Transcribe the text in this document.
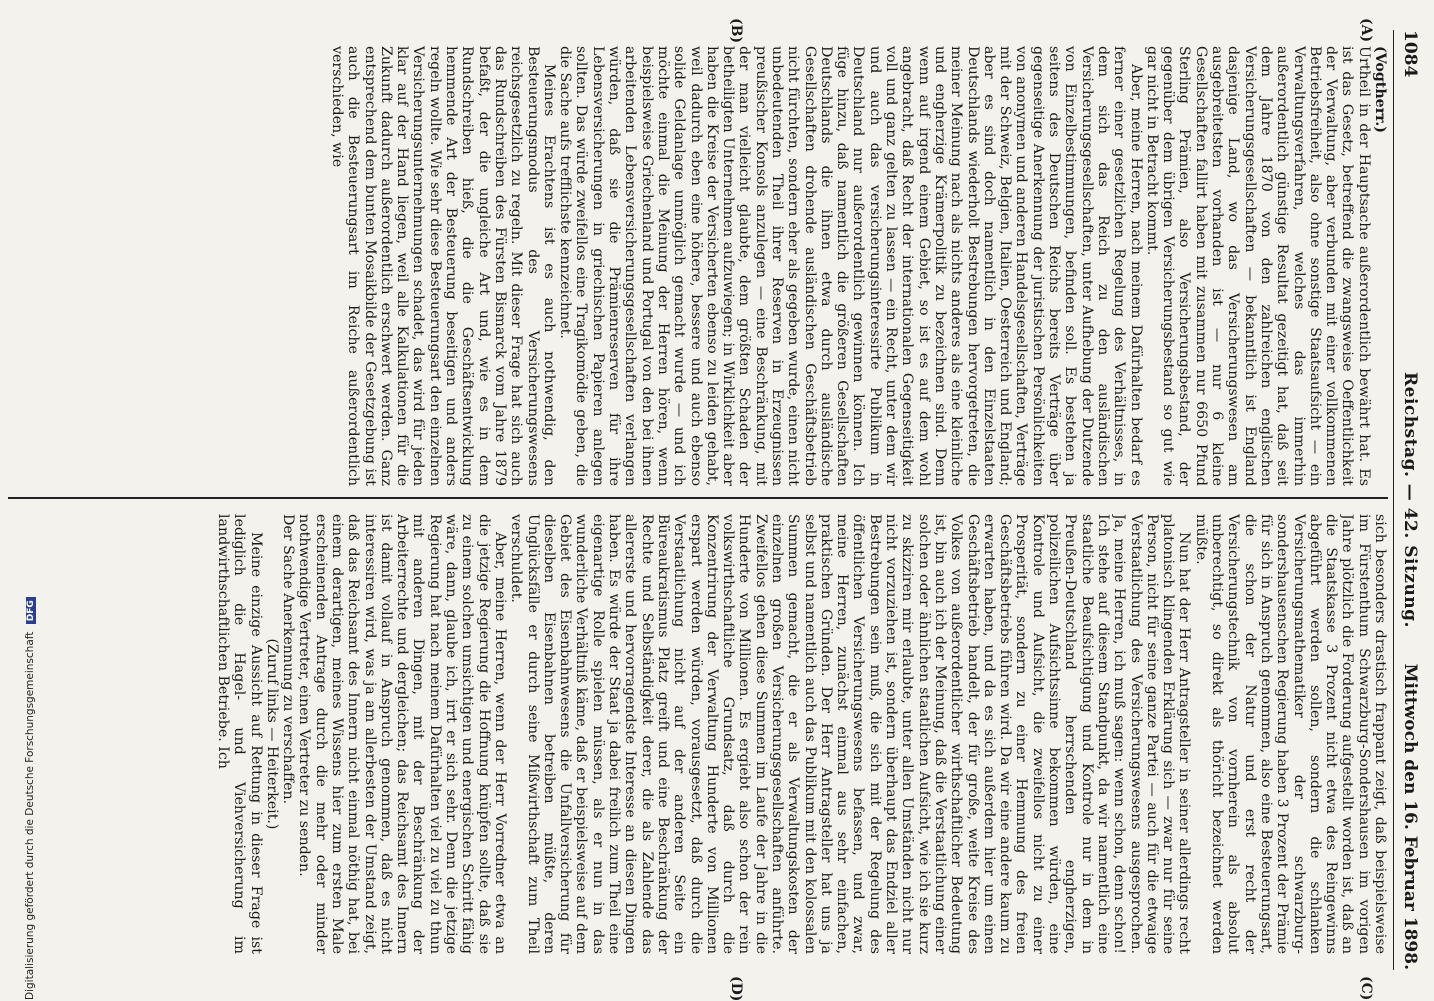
1084
Reichstag. — 42. Sitzung.
Mittwoch den 16. Februar 1898.
(A)
(B)
(C)
(D)

(Vogtherr.)

Urtheil in der Hauptsache außerordentlich bewährt hat. Es ist das Gesetz, betreffend die zwangsweise Oeffentlichkeit der Verwaltung, aber verbunden mit einer vollkommenen Betriebsfreiheit, also ohne sonstige Staatsaufsicht — ein Verwaltungsverfahren, welches das immerhin außerordentlich günstige Resultat gezeitigt hat, daß seit dem Jahre 1870 von den zahlreichen englischen Versicherungsgesellschaften — bekanntlich ist England dasjenige Land, wo das Versicherungswesen am ausgebreitetsten vorhanden ist — nur 6 kleine Gesellschaften fallirt haben mit zusammen nur 6650 Pfund Sterling Prämien, also Versicherungsbestand, der gegenüber dem übrigen Versicherungsbestand so gut wie gar nicht in Betracht kommt.

Aber, meine Herren, nach meinem Dafürhalten bedarf es ferner einer gesetzlichen Regelung des Verhältnisses, in dem sich das Reich zu den ausländischen Versicherungsgesellschaften, unter Aufhebung der Dutzende von Einzelbestimmungen, befinden soll. Es bestehen ja seitens des Deutschen Reichs bereits Verträge über gegenseitige Anerkennung der juristischen Persönlichkeiten von anonymen und anderen Handelsgesellschaften, Verträge mit der Schweiz, Belgien, Italien, Oesterreich und England; aber es sind doch namentlich in den Einzelstaaten Deutschlands wiederholt Bestrebungen hervorgetreten, die meiner Meinung nach als nichts anderes als eine kleinliche und engherzige Krämerpolitik zu bezeichnen sind. Denn wenn auf irgend einem Gebiet, so ist es auf dem wohl angebracht, daß Recht der internationalen Gegenseitigkeit voll und ganz gelten zu lassen — ein Recht, unter dem wir und auch das versicherungsinteressirte Publikum in Deutschland nur außerordentlich gewinnen können. Ich füge hinzu, daß namentlich die größeren Gesellschaften Deutschlands die ihnen etwa durch ausländische Gesellschaften drohende ausländischen Geschäftsbetrieb nicht fürchten, sondern eher als gegeben wurde, einen nicht unbedeutenden Theil ihrer Reserven in Erzeugnissen preußischer Konsols anzulegen — eine Beschränkung, mit der man vielleicht glaubte, dem größten Schaden der betheiligten Unternehmen aufzuwiegen; in Wirklichkeit aber haben die Kreise der Versicherten ebenso zu leiden gehabt, weil dadurch eben eine höhere, bessere und auch ebenso solide Geldanlage unmöglich gemacht wurde — und ich möchte einmal die Meinung der Herren hören, wenn beispielsweise Griechenland und Portugal von den bei ihnen arbeitenden Lebensversicherungsgesellschaften verlangen würden, daß sie die Prämienreserven für ihre Lebensversicherungen in griechischen Papieren anlegen sollten. Das würde zweifellos eine Tragikomödie geben, die die Sache aufs trefflichste kennzeichnet.

Meines Erachtens ist es auch nothwendig, den Besteuerungsmodus des Versicherungswesens reichsgesetzlich zu regeln. Mit dieser Frage hat sich auch das Rundschreiben des Fürsten Bismarck vom Jahre 1879 befaßt, der die ungleiche Art und, wie es in dem Rundschreiben hieß, die die Geschäftsentwicklung hemmende Art der Besteuerung beseitigen und anders regeln wollte. Wie sehr diese Besteuerungsart den einzelnen Versicherungsunternehmungen schadet, das wird für jeden klar auf der Hand liegen, weil alle Kalkulationen für die Zukunft dadurch außerordentlich erschwert werden. Ganz entsprechend dem bunten Mosaikbilde der Gesetzgebung ist auch die Besteuerungsart im Reiche außerordentlich verschieden, wie

sich besonders drastisch frappant zeigt, daß beispielsweise im Fürstenthum Schwarzburg-Sondershausen im vorigen Jahre plötzlich die Forderung aufgestellt worden ist, daß an die Staatskasse 3 Prozent nicht etwa des Reingewinns abgeführt werden sollen, sondern die schlanken Versicherungsmathematiker der schwarzburg-sondershausenschen Regierung haben 3 Prozent der Prämie für sich in Anspruch genommen, also eine Besteuerungsart, die schon der Natur und erst recht der Versicherungstechnik von vornherein als absolut unberechtigt, so direkt als thöricht bezeichnet werden müßte.

Nun hat der Herr Antragsteller in seiner allerdings recht platonisch klingenden Erklärung sich — zwar nur für seine Person, nicht für seine ganze Partei — auch für die etwaige Verstaatlichung des Versicherungswesens ausgesprochen. Ja, meine Herren, ich muß sagen: wenn schon, denn schon! Ich stehe auf diesem Standpunkt, da wir namentlich eine staatliche Beaufsichtigung und Kontrole nur in dem in Preußen-Deutschland herrschenden engherzigen, polizeilichen Aufsichtssinne bekommen würden, eine Kontrole und Aufsicht, die zweifellos nicht zu einer Prosperität, sondern zu einer Hemmung des freien Geschäftsbetriebs führen wird. Da wir eine andere kaum zu erwarten haben, und da es sich außerdem hier um einen Geschäftsbetrieb handelt, der für große, weite Kreise des Volkes von außerordentlicher wirthschaftlicher Bedeutung ist, bin auch ich der Meinung, daß die Verstaatlichung einer solchen oder ähnlichen staatlichen Aufsicht, wie ich sie kurz zu skizziren mir erlaubte, unter allen Umständen nicht nur nicht vorzuziehen ist, sondern überhaupt das Endziel aller Bestrebungen sein muß, die sich mit der Regelung des öffentlichen Versicherungswesens befassen, und zwar, meine Herren, zunächst einmal aus sehr einfachen, praktischen Gründen. Der Herr Antragsteller hat uns ja selbst und namentlich auch das Publikum mit den kolossalen Summen gemacht, die er als Verwaltungskosten der einzelnen großen Versicherungsgesellschaften anführte. Zweifellos gehen diese Summen im Laufe der Jahre in die Hunderte von Millionen. Es ergiebt also schon der rein volkswirthschaftliche Grundsatz, daß durch die Konzentrirung der Verwaltung Hunderte von Millionen erspart werden würden, vorausgesetzt, daß durch die Verstaatlichung nicht auf der anderen Seite ein Büreaukratismus Platz greift und eine Beschränkung der Rechte und Selbständigkeit derer, die als Zahlende das allererste und hervorragendste Interesse an diesen Dingen haben. Es würde der Staat ja dabei freilich zum Theil eine eigenartige Rolle spielen müssen, als er nun in das wunderliche Verhältniß käme, daß er beispielsweise auf dem Gebiet des Eisenbahnwesens die Unfallversicherung für dieselben Eisenbahnen betreiben müßte, deren Unglücksfälle er durch seine Mißwirthschaft zum Theil verschuldet.

Aber, meine Herren, wenn der Herr Vorredner etwa an die jetzige Regierung die Hoffnung knüpfen sollte, daß sie zu einem solchen umsichtigen und energischen Schritt fähig wäre, dann, glaube ich, irrt er sich sehr. Denn die jetzige Regierung hat nach meinem Dafürhalten viel zu viel zu thun mit anderen Dingen, mit der Beschränkung der Arbeiterrechte und dergleichen; das Reichsamt des Innern ist damit vollauf in Anspruch genommen, daß es nicht interessiren wird, was ja am allerbesten der Umstand zeigt, daß das Reichsamt des Innern nicht einmal nöthig hat, bei einem derartigen, meines Wissens hier zum ersten Male erscheinenden Antrage durch die mehr oder minder nothwendige Vertreter, einen Vertreter zu senden.

Der Sache Anerkennung zu verschaffen.

(Zuruf links — Heiterkeit.)

Meine einzige Aussicht auf Rettung in dieser Frage ist lediglich die Hagel- und Viehversicherung im landwirthschaftlichen Betriebe. Ich

Digitalisierung gefördert durch die Deutsche Forschungsgemeinschaft DFG
